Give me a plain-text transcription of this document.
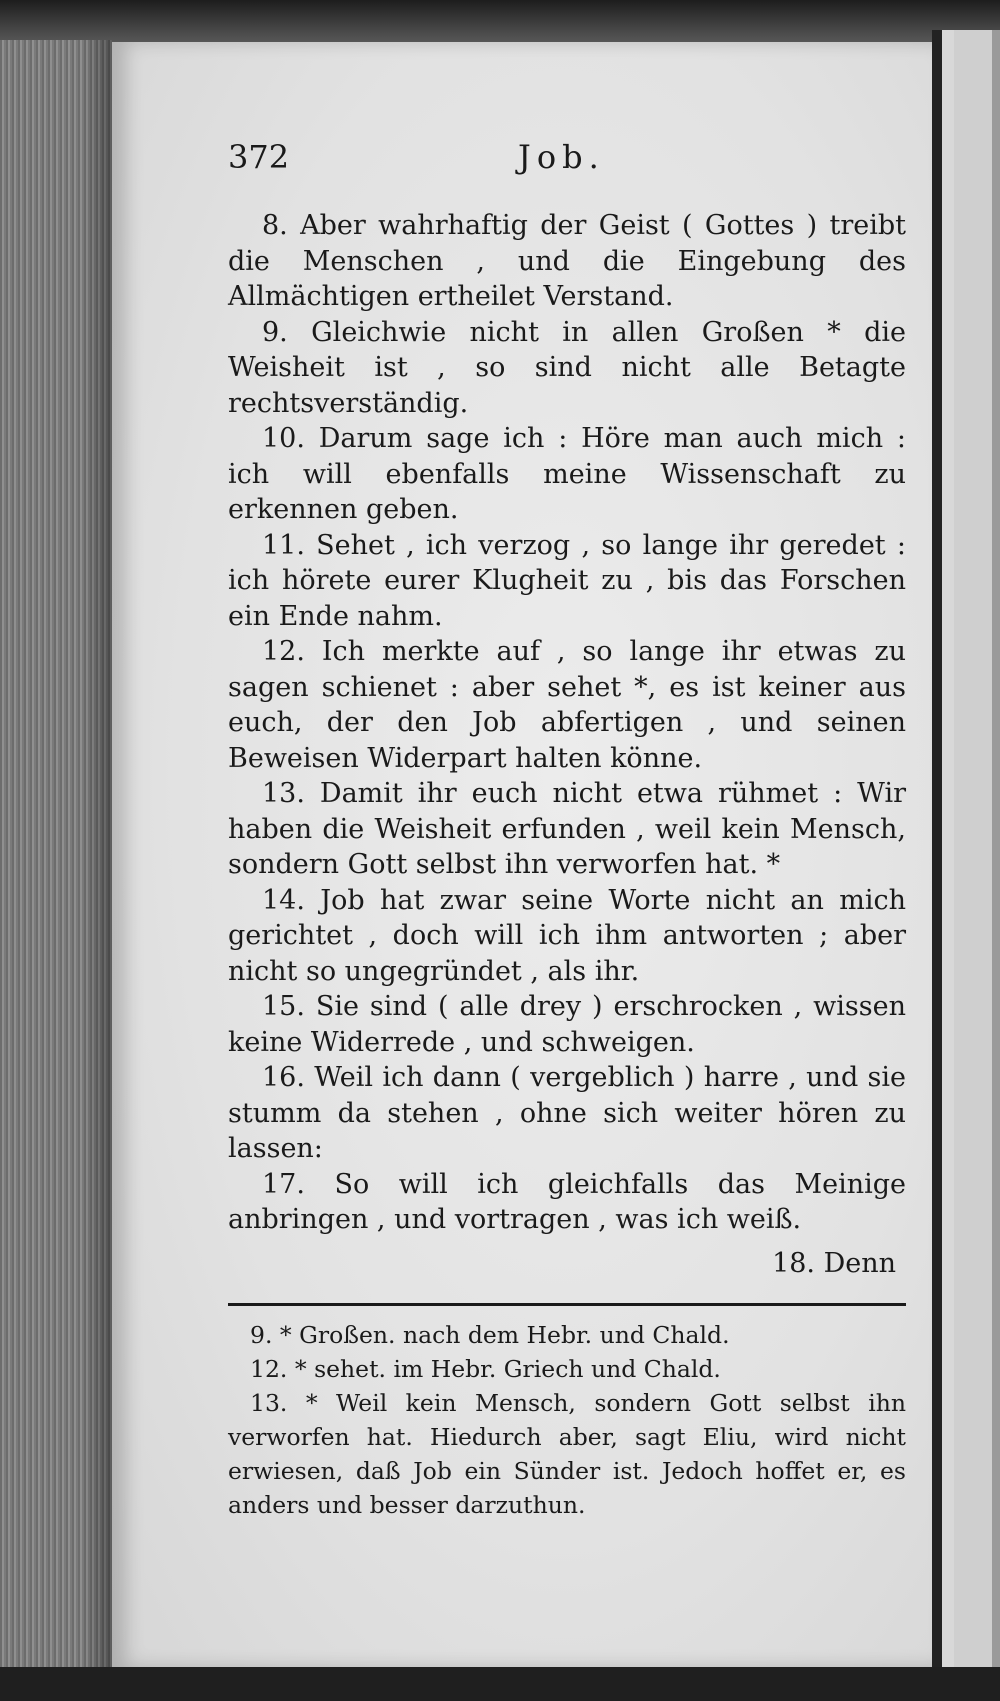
372	Job.

8. Aber wahrhaftig der Geist ( Gottes ) treibt die Menschen , und die Eingebung des Allmächtigen ertheilet Verstand.

9. Gleichwie nicht in allen Großen * die Weisheit ist , so sind nicht alle Betagte rechtsverständig.

10. Darum sage ich : Höre man auch mich : ich will ebenfalls meine Wissenschaft zu erkennen geben.

11. Sehet , ich verzog , so lange ihr geredet : ich hörete eurer Klugheit zu , bis das Forschen ein Ende nahm.

12. Ich merkte auf , so lange ihr etwas zu sagen schienet : aber sehet *, es ist keiner aus euch, der den Job abfertigen , und seinen Beweisen Widerpart halten könne.

13. Damit ihr euch nicht etwa rühmet : Wir haben die Weisheit erfunden , weil kein Mensch, sondern Gott selbst ihn verworfen hat. *

14. Job hat zwar seine Worte nicht an mich gerichtet , doch will ich ihm antworten ; aber nicht so ungegründet , als ihr.

15. Sie sind ( alle drey ) erschrocken , wissen keine Widerrede , und schweigen.

16. Weil ich dann ( vergeblich ) harre , und sie stumm da stehen , ohne sich weiter hören zu lassen:

17. So will ich gleichfalls das Meinige anbringen , und vortragen , was ich weiß.

18. Denn

9. * Großen. nach dem Hebr. und Chald.

12. * sehet. im Hebr. Griech und Chald.

13. * Weil kein Mensch, sondern Gott selbst ihn verworfen hat. Hiedurch aber, sagt Eliu, wird nicht erwiesen, daß Job ein Sünder ist. Jedoch hoffet er, es anders und besser darzuthun.
